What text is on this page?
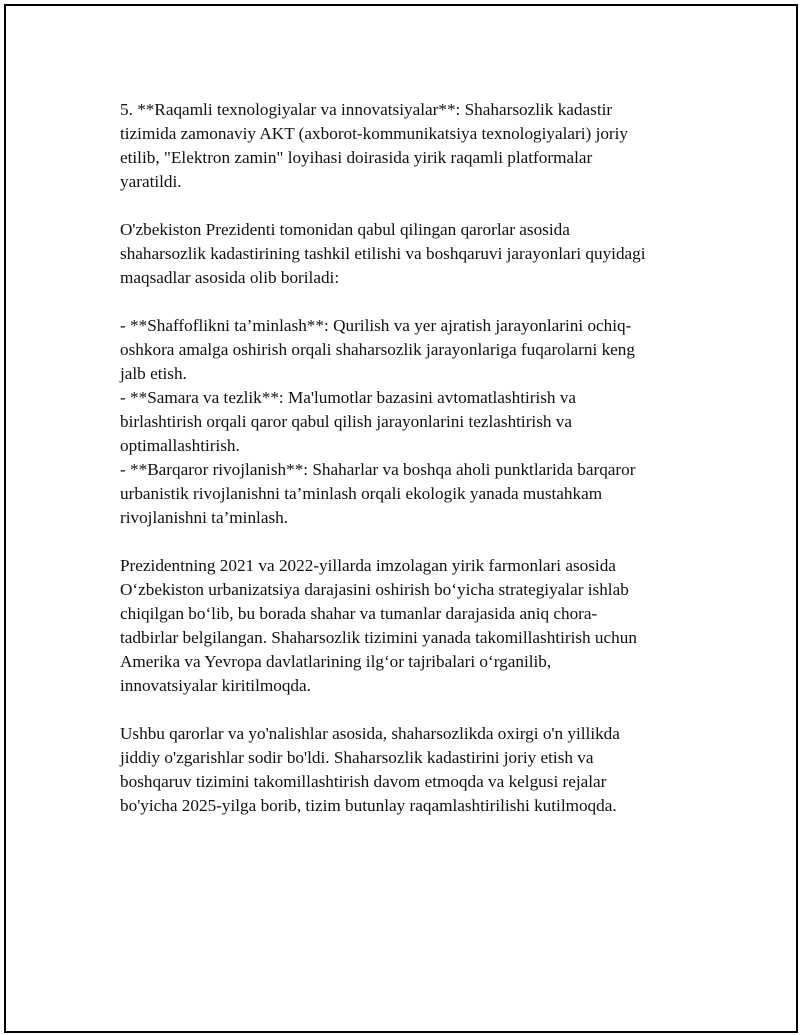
5. **Raqamli texnologiyalar va innovatsiyalar**: Shaharsozlik kadastir
tizimida zamonaviy AKT (axborot-kommunikatsiya texnologiyalari) joriy
etilib, "Elektron zamin" loyihasi doirasida yirik raqamli platformalar
yaratildi.

O'zbekiston Prezidenti tomonidan qabul qilingan qarorlar asosida
shaharsozlik kadastirining tashkil etilishi va boshqaruvi jarayonlari quyidagi
maqsadlar asosida olib boriladi:

- **Shaffoflikni ta’minlash**: Qurilish va yer ajratish jarayonlarini ochiq-
oshkora amalga oshirish orqali shaharsozlik jarayonlariga fuqarolarni keng
jalb etish.
- **Samara va tezlik**: Ma'lumotlar bazasini avtomatlashtirish va
birlashtirish orqali qaror qabul qilish jarayonlarini tezlashtirish va
optimallashtirish.
- **Barqaror rivojlanish**: Shaharlar va boshqa aholi punktlarida barqaror
urbanistik rivojlanishni ta’minlash orqali ekologik yanada mustahkam
rivojlanishni ta’minlash.

Prezidentning 2021 va 2022-yillarda imzolagan yirik farmonlari asosida
O‘zbekiston urbanizatsiya darajasini oshirish bo‘yicha strategiyalar ishlab
chiqilgan bo‘lib, bu borada shahar va tumanlar darajasida aniq chora-
tadbirlar belgilangan. Shaharsozlik tizimini yanada takomillashtirish uchun
Amerika va Yevropa davlatlarining ilg‘or tajribalari o‘rganilib,
innovatsiyalar kiritilmoqda.

Ushbu qarorlar va yo'nalishlar asosida, shaharsozlikda oxirgi o'n yillikda
jiddiy o'zgarishlar sodir bo'ldi. Shaharsozlik kadastirini joriy etish va
boshqaruv tizimini takomillashtirish davom etmoqda va kelgusi rejalar
bo'yicha 2025-yilga borib, tizim butunlay raqamlashtirilishi kutilmoqda.
